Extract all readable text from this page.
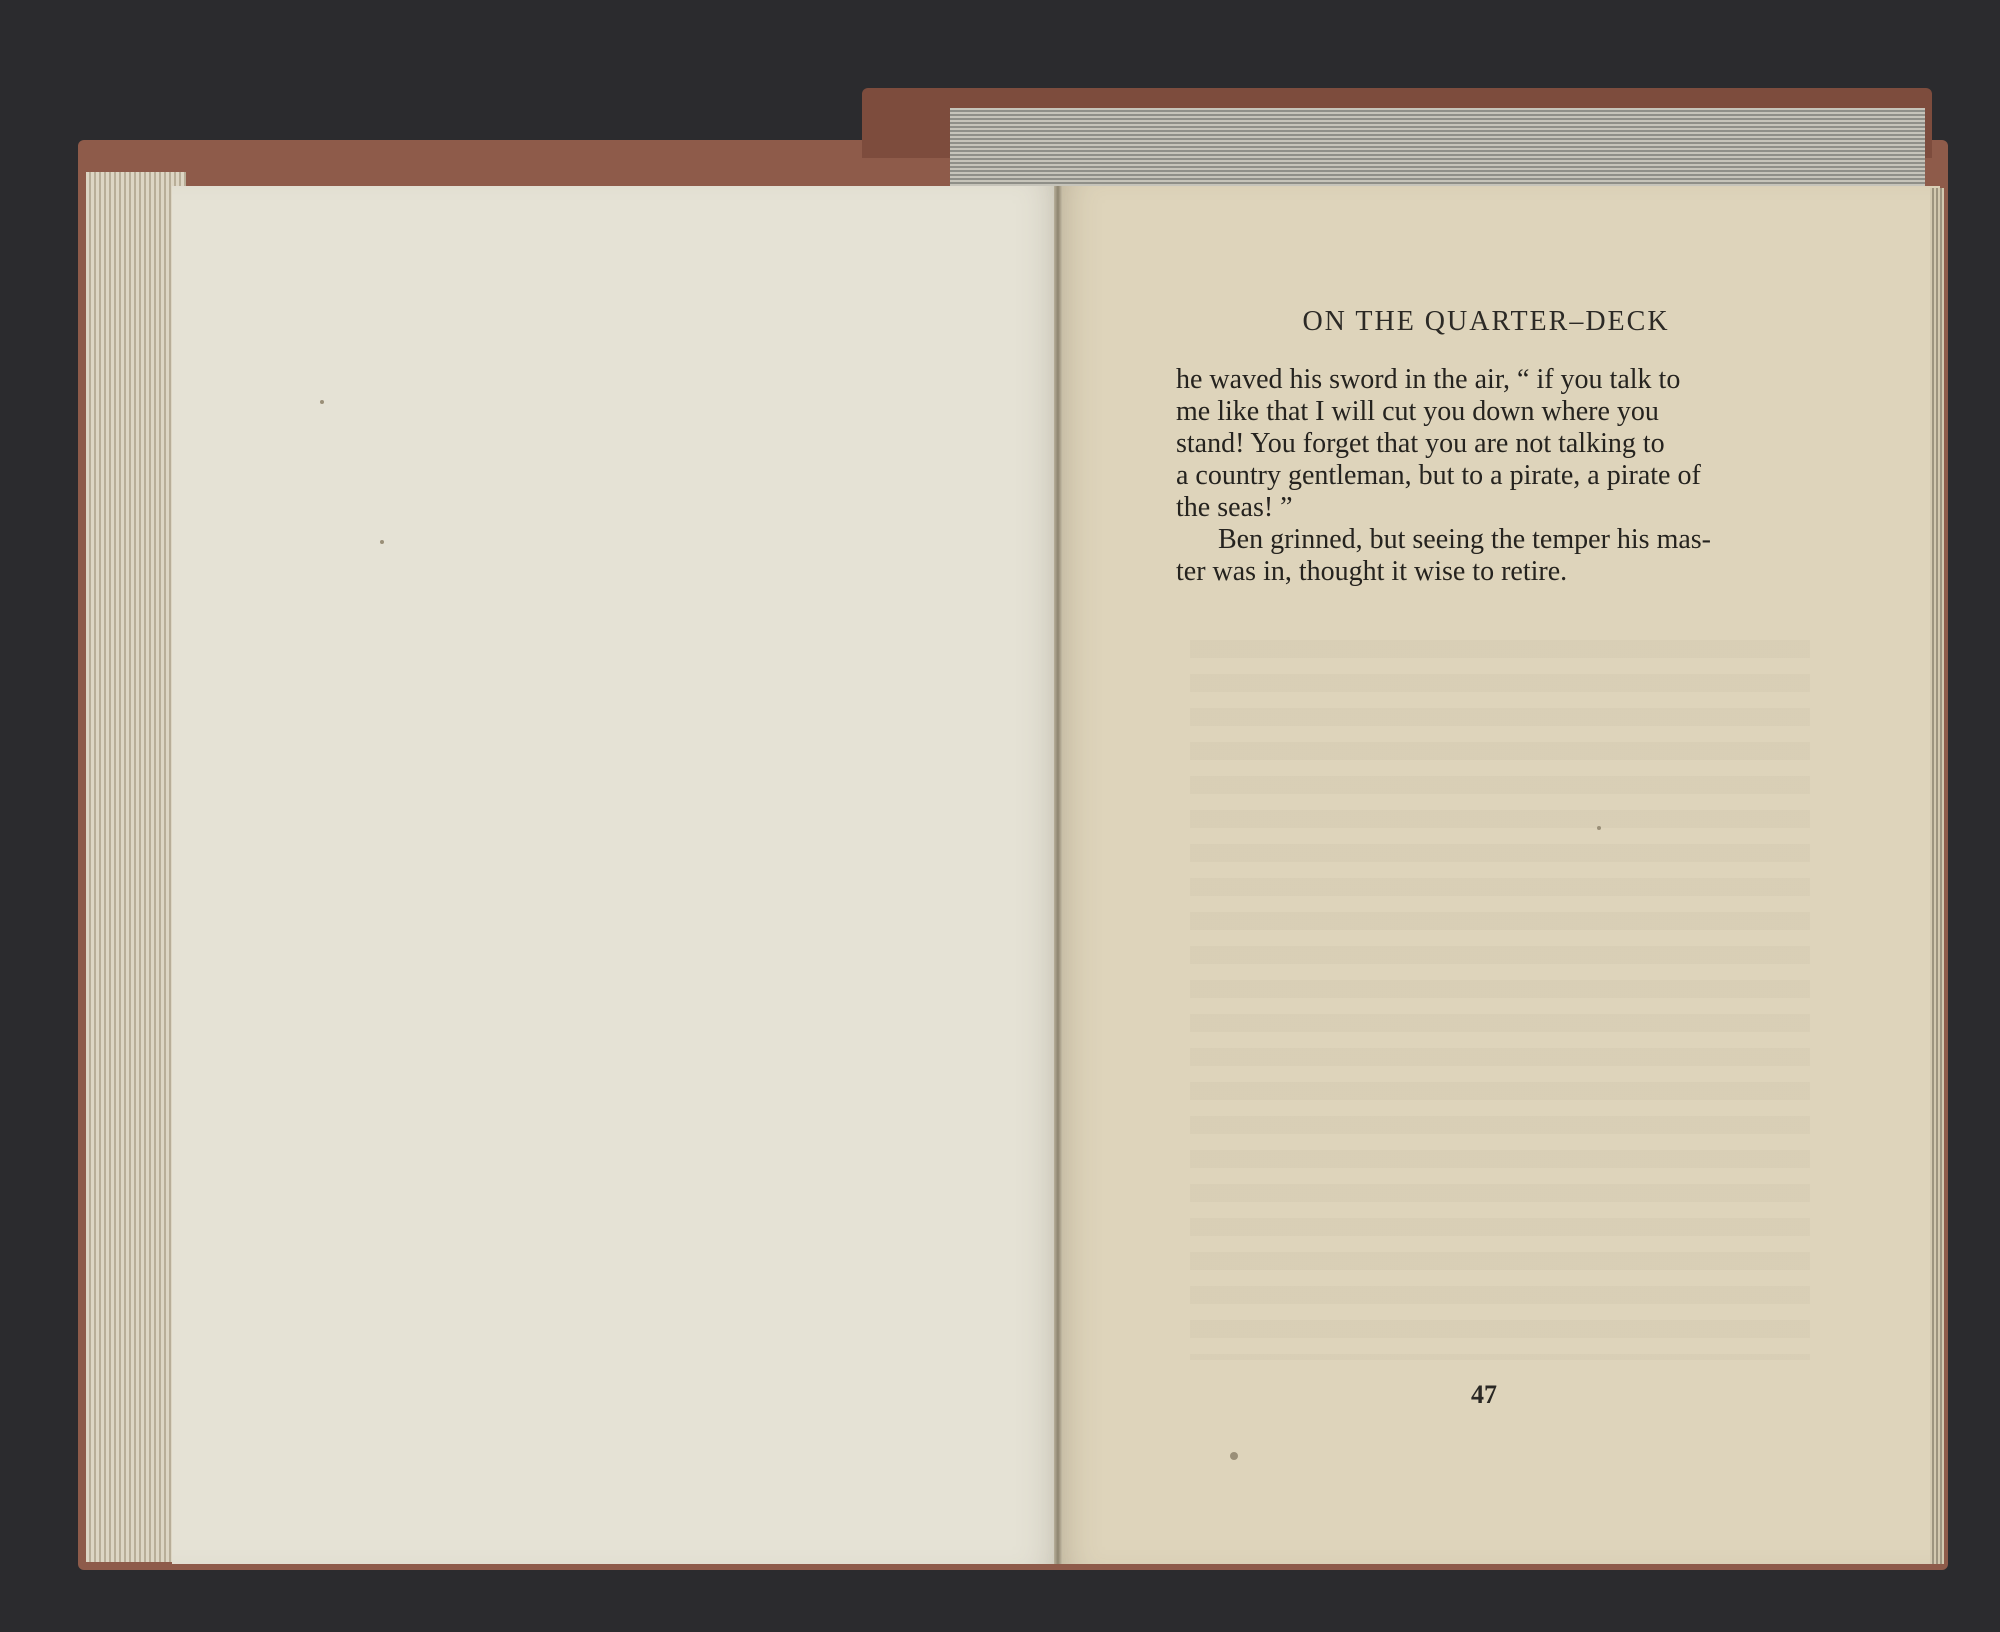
ON THE QUARTER–DECK

he waved his sword in the air, “ if you talk to
me like that I will cut you down where you
stand! You forget that you are not talking to
a country gentleman, but to a pirate, a pirate of
the seas! ”

Ben grinned, but seeing the temper his mas-
ter was in, thought it wise to retire.

47
